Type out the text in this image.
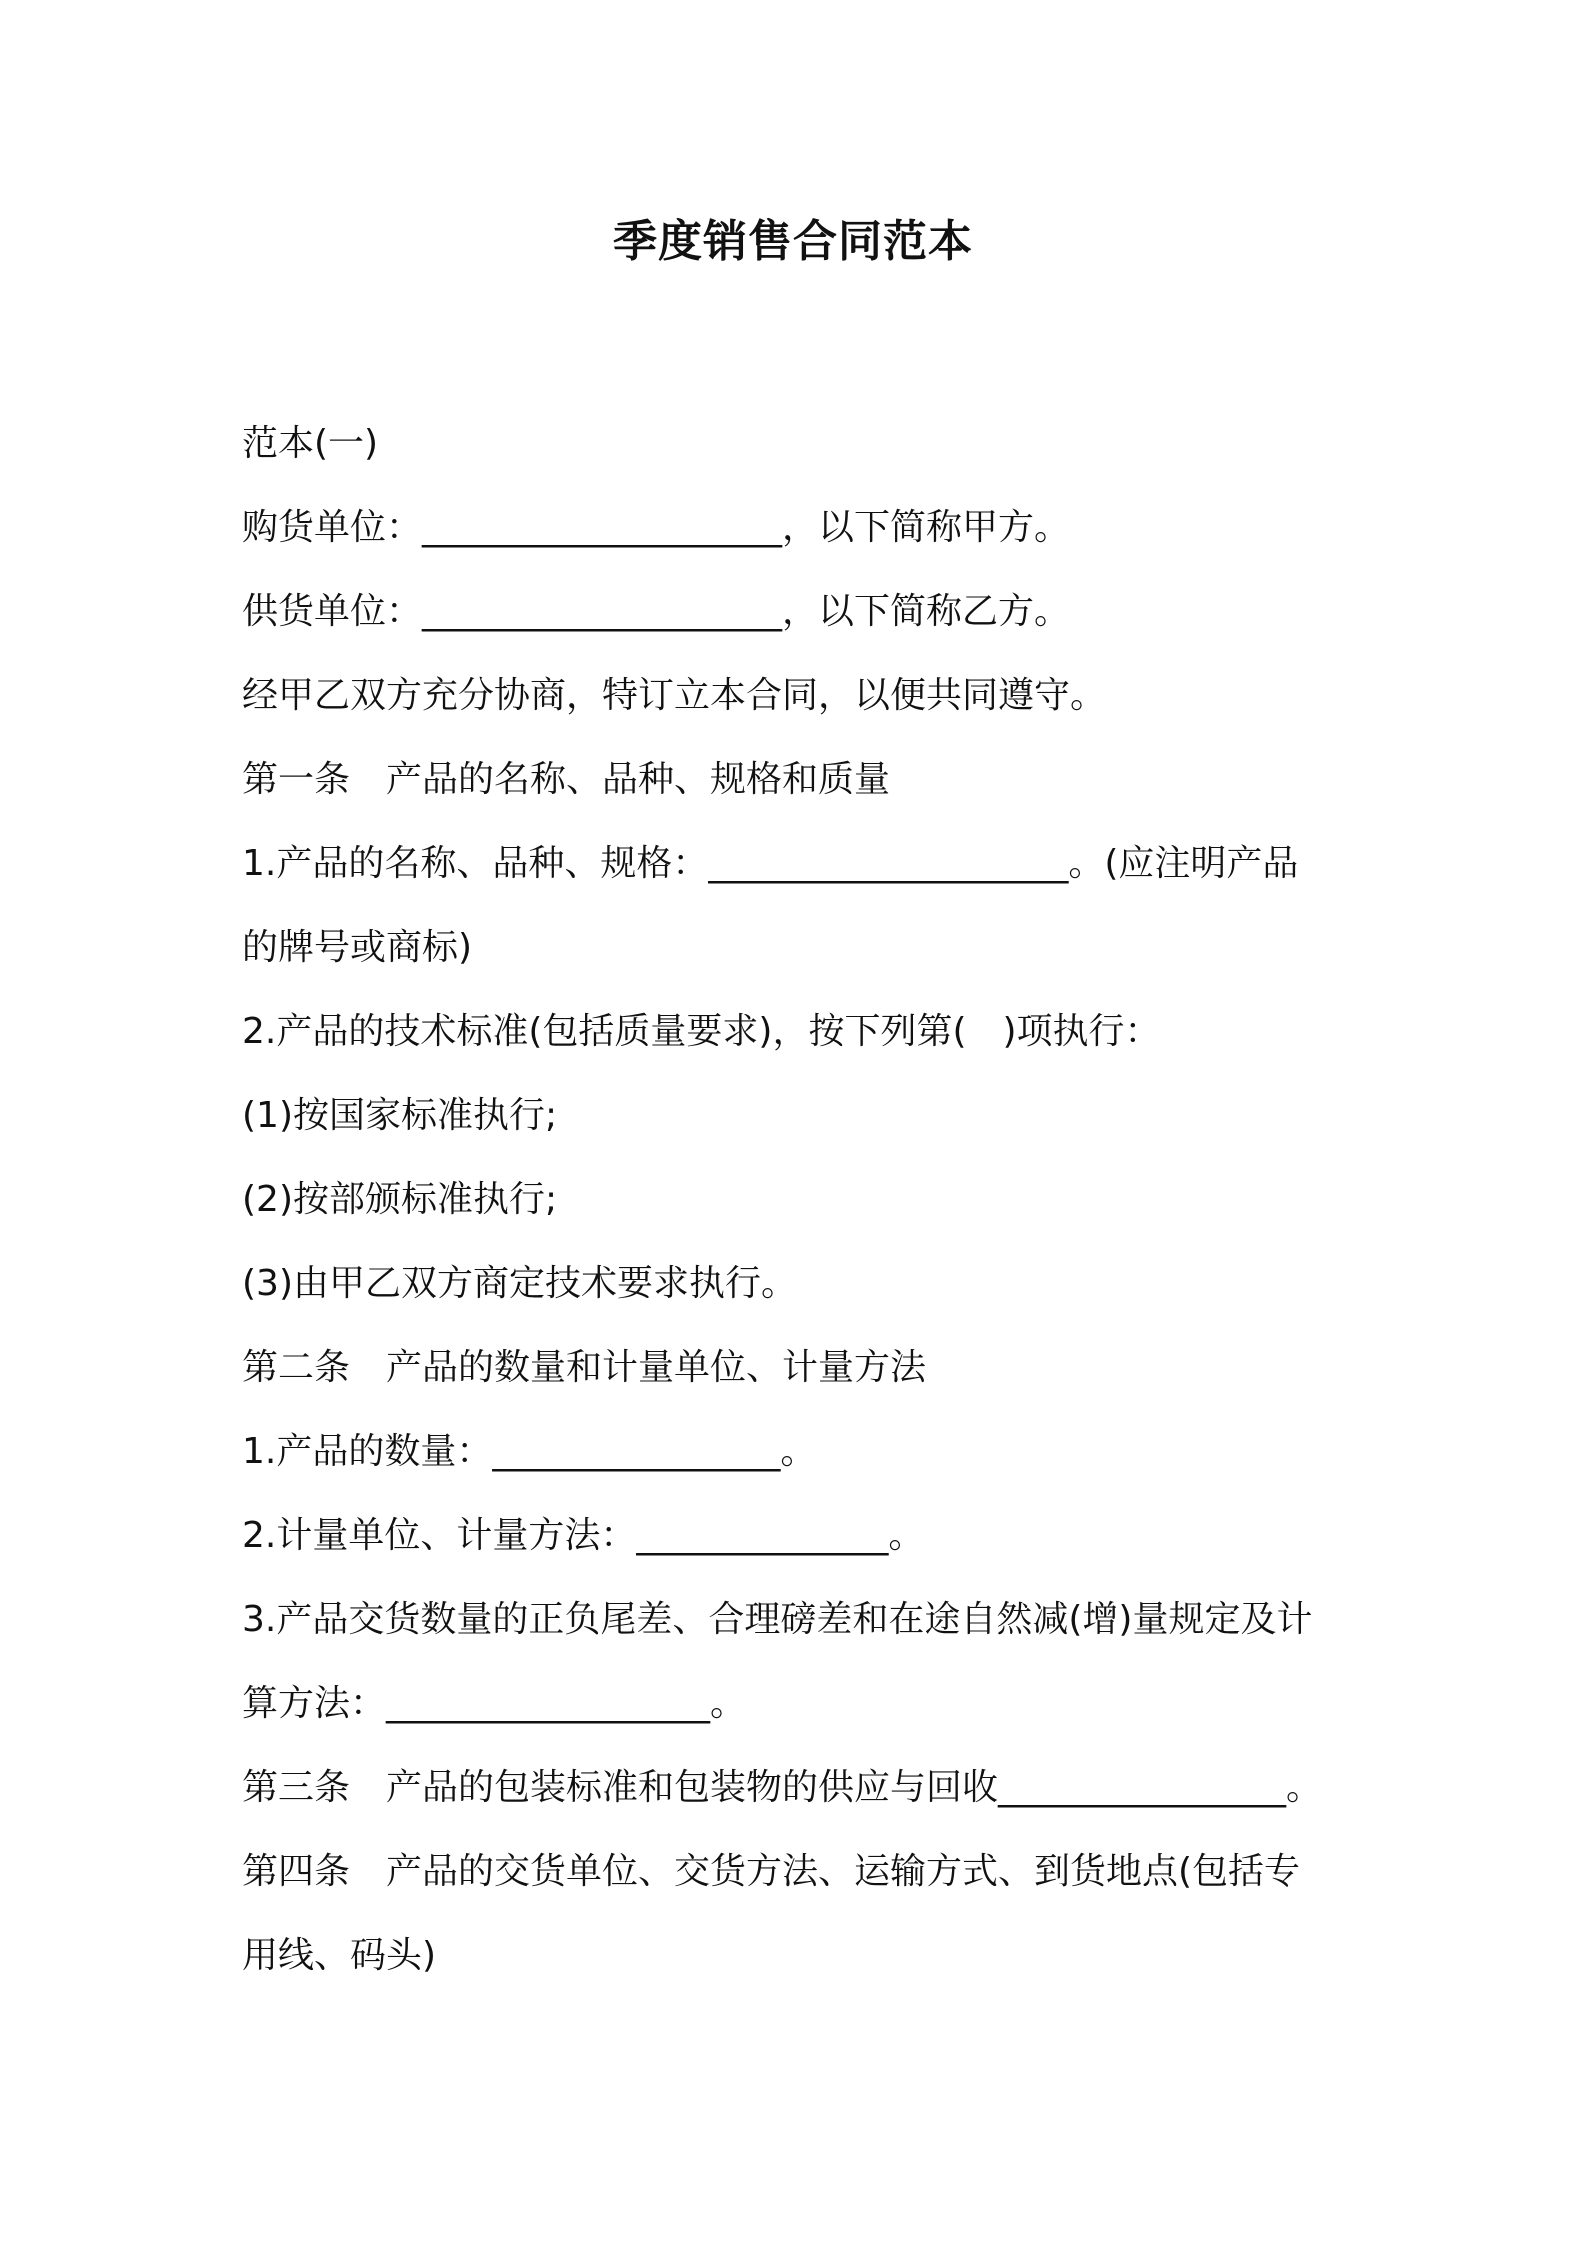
季度销售合同范本
范本(一)
购货单位：____________________，以下简称甲方。
供货单位：____________________，以下简称乙方。
经甲乙双方充分协商，特订立本合同，以便共同遵守。
第一条　产品的名称、品种、规格和质量
1.产品的名称、品种、规格：____________________。(应注明产品
的牌号或商标)
2.产品的技术标准(包括质量要求)，按下列第(　)项执行：
(1)按国家标准执行;
(2)按部颁标准执行;
(3)由甲乙双方商定技术要求执行。
第二条　产品的数量和计量单位、计量方法
1.产品的数量：________________。
2.计量单位、计量方法：______________。
3.产品交货数量的正负尾差、合理磅差和在途自然减(增)量规定及计
算方法：__________________。
第三条　产品的包装标准和包装物的供应与回收________________。
第四条　产品的交货单位、交货方法、运输方式、到货地点(包括专
用线、码头)
